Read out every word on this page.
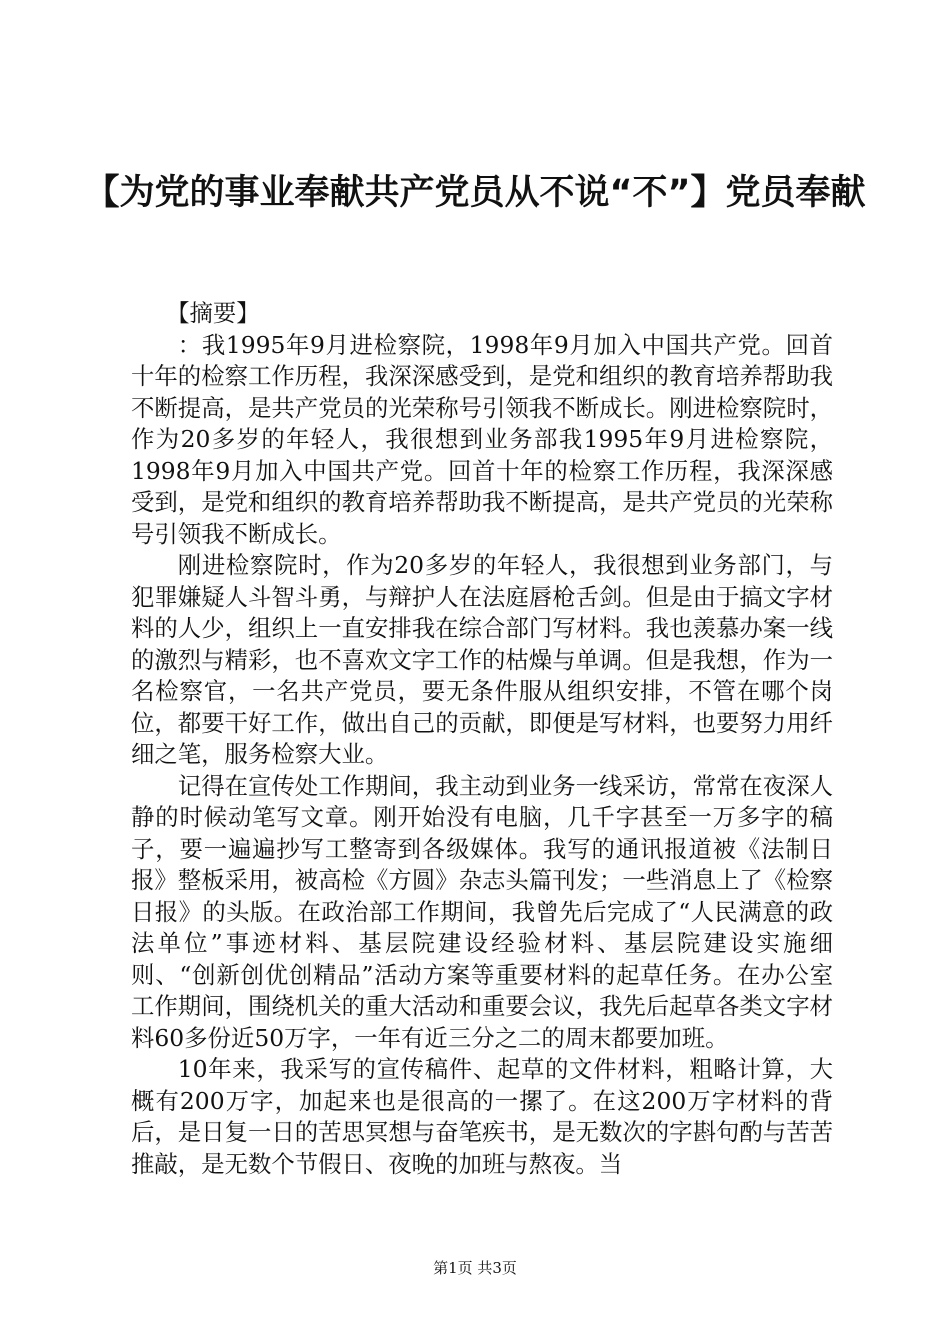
【为党的事业奉献共产党员从不说“不”】党员奉献

【摘要】

：我1995年9月进检察院，1998年9月加入中国共产党。回首十年的检察工作历程，我深深感受到，是党和组织的教育培养帮助我不断提高，是共产党员的光荣称号引领我不断成长。刚进检察院时，作为20多岁的年轻人，我很想到业务部我1995年9月进检察院，1998年9月加入中国共产党。回首十年的检察工作历程，我深深感受到，是党和组织的教育培养帮助我不断提高，是共产党员的光荣称号引领我不断成长。

刚进检察院时，作为20多岁的年轻人，我很想到业务部门，与犯罪嫌疑人斗智斗勇，与辩护人在法庭唇枪舌剑。但是由于搞文字材料的人少，组织上一直安排我在综合部门写材料。我也羡慕办案一线的激烈与精彩，也不喜欢文字工作的枯燥与单调。但是我想，作为一名检察官，一名共产党员，要无条件服从组织安排，不管在哪个岗位，都要干好工作，做出自己的贡献，即便是写材料，也要努力用纤细之笔，服务检察大业。

记得在宣传处工作期间，我主动到业务一线采访，常常在夜深人静的时候动笔写文章。刚开始没有电脑，几千字甚至一万多字的稿子，要一遍遍抄写工整寄到各级媒体。我写的通讯报道被《法制日报》整板采用，被高检《方圆》杂志头篇刊发；一些消息上了《检察日报》的头版。在政治部工作期间，我曾先后完成了“人民满意的政法单位”事迹材料、基层院建设经验材料、基层院建设实施细则、“创新创优创精品”活动方案等重要材料的起草任务。在办公室工作期间，围绕机关的重大活动和重要会议，我先后起草各类文字材料60多份近50万字，一年有近三分之二的周末都要加班。

10年来，我采写的宣传稿件、起草的文件材料，粗略计算，大概有200万字，加起来也是很高的一摞了。在这200万字材料的背后，是日复一日的苦思冥想与奋笔疾书，是无数次的字斟句酌与苦苦推敲，是无数个节假日、夜晚的加班与熬夜。当

第1页 共3页
